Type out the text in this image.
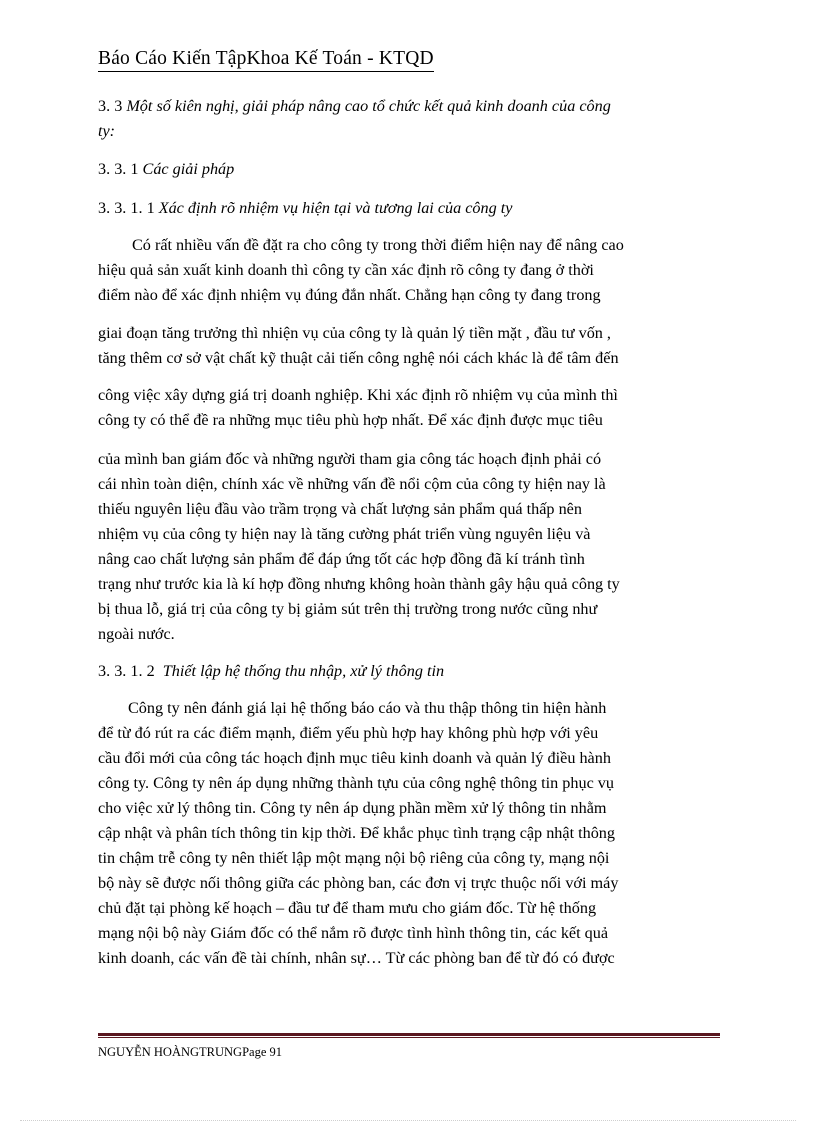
Báo Cáo Kiến TậpKhoa Kế Toán - KTQD
3. 3 Một số kiên nghị, giải pháp nâng cao tổ chức kết quả kinh doanh của công
ty:
3. 3. 1 Các giải pháp
3. 3. 1. 1 Xác định rõ nhiệm vụ hiện tại và tương lai của công ty
Có rất nhiều vấn đề đặt ra cho công ty trong thời điểm hiện nay để nâng cao
hiệu quả sản xuất kinh doanh thì công ty cần xác định rõ công ty đang ở thời
điểm nào để xác định nhiệm vụ đúng đắn nhất. Chẳng hạn công ty đang trong
giai đoạn tăng trưởng thì nhiện vụ của công ty là quản lý tiền mặt , đầu tư vốn ,
tăng thêm cơ sở vật chất kỹ thuật cải tiến công nghệ nói cách khác là để tâm đến
công việc xây dựng giá trị doanh nghiệp. Khi xác định rõ nhiệm vụ của mình thì
công ty có thể đề ra những mục tiêu phù hợp nhất. Để xác định được mục tiêu
của mình ban giám đốc và những người tham gia công tác hoạch định phải có
cái nhìn toàn diện, chính xác về những vấn đề nổi cộm của công ty hiện nay là
thiếu nguyên liệu đầu vào trầm trọng và chất lượng sản phẩm quá thấp nên
nhiệm vụ của công ty hiện nay là tăng cường phát triển vùng nguyên liệu và
nâng cao chất lượng sản phẩm để đáp ứng tốt các hợp đồng đã kí tránh tình
trạng như trước kia là kí hợp đồng nhưng không hoàn thành gây hậu quả công ty
bị thua lỗ, giá trị của công ty bị giảm sút trên thị trường trong nước cũng như
ngoài nước.
3. 3. 1. 2 Thiết lập hệ thống thu nhập, xử lý thông tin
Công ty nên đánh giá lại hệ thống báo cáo và thu thập thông tin hiện hành
để từ đó rút ra các điểm mạnh, điểm yếu phù hợp hay không phù hợp với yêu
cầu đổi mới của công tác hoạch định mục tiêu kinh doanh và quản lý điều hành
công ty. Công ty nên áp dụng những thành tựu của công nghệ thông tin phục vụ
cho việc xử lý thông tin. Công ty nên áp dụng phần mềm xử lý thông tin nhằm
cập nhật và phân tích thông tin kịp thời. Để khắc phục tình trạng cập nhật thông
tin chậm trễ công ty nên thiết lập một mạng nội bộ riêng của công ty, mạng nội
bộ này sẽ được nối thông giữa các phòng ban, các đơn vị trực thuộc nối với máy
chủ đặt tại phòng kế hoạch – đầu tư để tham mưu cho giám đốc. Từ hệ thống
mạng nội bộ này Giám đốc có thể nắm rõ được tình hình thông tin, các kết quả
kinh doanh, các vấn đề tài chính, nhân sự… Từ các phòng ban để từ đó có được
NGUYỄN HOÀNGTRUNGPage 91
